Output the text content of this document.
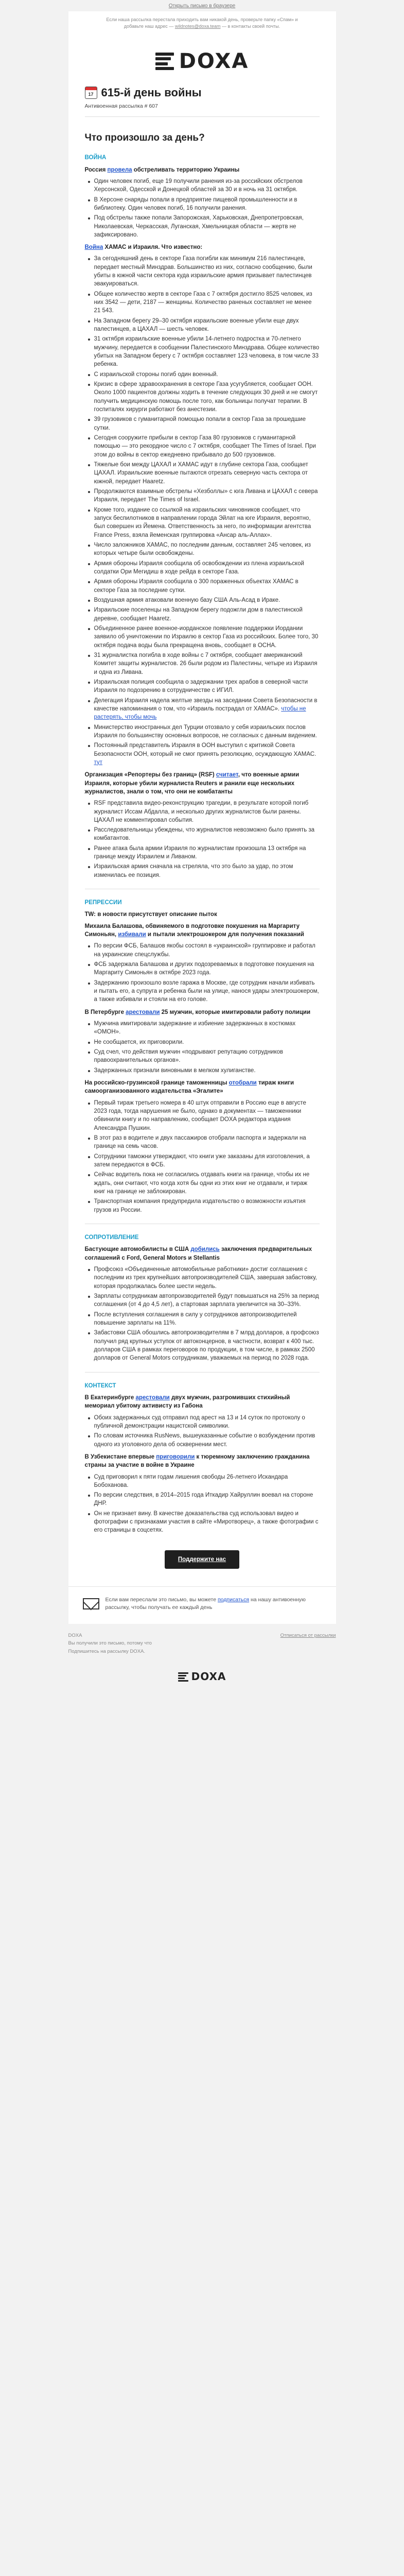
Открыть письмо в браузере
Если наша рассылка перестала приходить вам никакой день, проверьте папку «Спам» и добавьте наш адрес — wildnotes@doxa.team — в контакты своей почты.
DOXA
17 615-й день войны
Антивоенная рассылка # 607
Что произошло за день?
ВОЙНА

Россия провела обстреливать территорию Украины

Один человек погиб, еще 19 получили ранения из-за российских обстрелов Херсонской, Одесской и Донецкой областей за 30 и в ночь на 31 октября.
В Херсоне снаряды попали в предприятие пищевой промышленности и в библиотеку. Один человек погиб, 16 получили ранения.
Под обстрелы также попали Запорожская, Харьковская, Днепропетровская, Николаевская, Черкасская, Луганская, Хмельницкая области — жертв не зафиксировано.

Война ХАМАС и Израиля. Что известно:

За сегодняшний день в секторе Газа погибли как минимум 216 палестинцев, передает местный Минздрав. Большинство из них, согласно сообщению, были убиты в южной части сектора куда израильские армия призывает палестинцев эвакуироваться.
Общее количество жертв в секторе Газа с 7 октября достигло 8525 человек, из них 3542 — дети, 2187 — женщины. Количество раненых составляет не менее 21 543.
На Западном берегу 29–30 октября израильские военные убили еще двух палестинцев, а ЦАХАЛ — шесть человек.
31 октября израильские военные убили 14-летнего подростка и 70-летнего мужчину, передается в сообщении Палестинского Минздрава. Общее количество убитых на Западном берегу с 7 октября составляет 123 человека, в том числе 33 ребенка.
С израильской стороны погиб один военный.
Кризис в сфере здравоохранения в секторе Газа усугубляется, сообщает ООН. Около 1000 пациентов должны ходить в течение следующих 30 дней и не смогут получить медицинскую помощь после того, как больницы получат терапии. В госпиталях хирурги работают без анестезии.
39 грузовиков с гуманитарной помощью попали в сектор Газа за прошедшие сутки.
Сегодня сооружите прибыли в сектор Газа 80 грузовиков с гуманитарной помощью — это рекордное число с 7 октября, сообщает The Times of Israel. При этом до войны в сектор ежедневно прибывало до 500 грузовиков.
Тяжелые бои между ЦАХАЛ и ХАМАС идут в глубине сектора Газа, сообщает ЦАХАЛ. Израильские военные пытаются отрезать северную часть сектора от южной, передает Haaretz.
Продолжаются взаимные обстрелы «Хезболлы» с юга Ливана и ЦАХАЛ с севера Израиля, передает The Times of Israel.
Кроме того, издание со ссылкой на израильских чиновников сообщает, что запуск беспилотников в направлении города Эйлат на юге Израиля, вероятно, был совершен из Йемена. Ответственность за него, по информации агентства France Press, взяла йеменская группировка «Ансар аль-Аллах».
Число заложников ХАМАС, по последним данным, составляет 245 человек, из которых четыре были освобождены.
Армия обороны Израиля сообщила об освобождении из плена израильской солдатки Ори Мегидиш в ходе рейда в секторе Газа.
Армия обороны Израиля сообщила о 300 пораженных объектах ХАМАС в секторе Газа за последние сутки.
Воздушная армия атаковали военную базу США Аль-Асад в Ираке.
Израильские поселенцы на Западном берегу подожгли дом в палестинской деревне, сообщает Haaretz.
Объединенное ранее военное-иорданское появление поддержки Иордании заявило об уничтожении по Израилю в сектор Газа из российских. Более того, 30 октября подача воды была прекращена вновь, сообщает в OCHA.
31 журналистка погибла в ходе войны с 7 октября, сообщает американский Комитет защиты журналистов. 26 были родом из Палестины, четыре из Израиля и одна из Ливана.
Израильская полиция сообщила о задержании трех арабов в северной части Израиля по подозрению в сотрудничестве с ИГИЛ.
Делегация Израиля надела желтые звезды на заседании Совета Безопасности в качестве напоминания о том, что «Израиль пострадал от ХАМАС». чтобы не растерять, чтобы мочь
Министерство иностранных дел Турции отозвало у себя израильских послов Израиля по большинству основных вопросов, не согласных с данным видением.
Постоянный представитель Израиля в ООН выступил с критикой Совета Безопасности ООН, который не смог принять резолюцию, осуждающую ХАМАС. тут

Организация «Репортеры без границ» (RSF) считает, что военные армии Израиля, которые убили журналиста Reuters и ранили еще нескольких журналистов, знали о том, что они не комбатанты

RSF представила видео-реконструкцию трагедии, в результате которой погиб журналист Иссам Абдалла, и несколько других журналистов были ранены. ЦАХАЛ не комментировал события.
Расследовательницы убеждены, что журналистов невозможно было принять за комбатантов.
Ранее атака была армии Израиля по журналистам произошла 13 октября на границе между Израилем и Ливаном.
Израильская армия сначала на стреляла, что это было за удар, по этом изменилась ее позиция.
РЕПРЕССИИ

TW: в новости присутствует описание пыток

Михаила Балашова, обвиняемого в подготовке покушения на Маргариту Симоньян, избивали и пытали электрошокером для получения показаний

По версии ФСБ, Балашов якобы состоял в «украинской» группировке и работал на украинские спецслужбы.
ФСБ задержала Балашова и других подозреваемых в подготовке покушения на Маргариту Симоньян в октябре 2023 года.
Задержанию произошло возле гаража в Москве, где сотрудник начали избивать и пытать его, а супруга и ребенка были на улице, нанося удары электрошокером, а также избивали и стояли на его голове.

В Петербурге арестовали 25 мужчин, которые имитировали работу полиции

Мужчина имитировали задержание и избиение задержанных в костюмах «ОМОН».
Не сообщается, их приговорили.
Суд счел, что действия мужчин «подрывают репутацию сотрудников правоохранительных органов».
Задержанных признали виновными в мелком хулиганстве.

На российско-грузинской границе таможенницы отобрали тираж книги самоорганизованного издательства «Эгалите»

Первый тираж третьего номера в 40 штук отправили в Россию еще в августе 2023 года, тогда нарушения не было, однако в документах — таможенники обвинили книгу и по направлению, сообщает DOXA редактора издания Александра Пушкин.
В этот раз в водителе и двух пассажиров отобрали паспорта и задержали на границе на семь часов.
Сотрудники таможни утверждают, что книги уже заказаны для изготовления, а затем передаются в ФСБ.
Сейчас водитель пока не согласились отдавать книги на границе, чтобы их не ждать, они считают, что когда хотя бы одни из этих книг не отдавали, и тираж книг на границе не заблокирован.
Транспортная компания предупредила издательство о возможности изъятия грузов из России.
СОПРОТИВЛЕНИЕ

Бастующие автомобилисты в США добились заключения предварительных соглашений с Ford, General Motors и Stellantis

Профсоюз «Объединенные автомобильные работники» достиг соглашения с последним из трех крупнейших автопроизводителей США, завершая забастовку, которая продолжалась более шести недель.
Зарплаты сотрудникам автопроизводителей будут повышаться на 25% за период соглашения (от 4 до 4,5 лет), а стартовая зарплата увеличится на 30–33%.
После вступления соглашения в силу у сотрудников автопроизводителей повышение зарплаты на 11%.
Забастовки США обошлись автопроизводителям в 7 млрд долларов, а профсоюз получил ряд крупных уступок от автоконцернов, в частности, возврат к 400 тыс. долларов США в рамках переговоров по продукции, в том числе, в рамках 2500 долларов от General Motors сотрудникам, уважаемых на период по 2028 года.
КОНТЕКСТ

В Екатеринбурге арестовали двух мужчин, разгромивших стихийный мемориал убитому активисту из Габона

Обоих задержанных суд отправил под арест на 13 и 14 суток по протоколу о публичной демонстрации нацистской символики.
По словам источника RusNews, вышеуказанные событие о возбуждении против одного из уголовного дела об осквернении мест.

В Узбекистане впервые приговорили к тюремному заключению гражданина страны за участие в войне в Украине

Суд приговорил к пяти годам лишения свободы 26-летнего Искандара Бобоханова.
По версии следствия, в 2014–2015 года Иткадир Хайруллин воевал на стороне ДНР.
Он не признает вину. В качестве доказательства суд использовал видео и фотографии с признаками участия в сайте «Миротворец», а также фотографии с его страницы в соцсетях.
Поддержите нас

Если вам переслали это письмо, вы можете подписаться на нашу антивоенную рассылку, чтобы получать ее каждый день

DOXA
Вы получили это письмо, потому что
Подпишитесь на рассылку DOXA.
Отписаться от рассылки
DOXA
